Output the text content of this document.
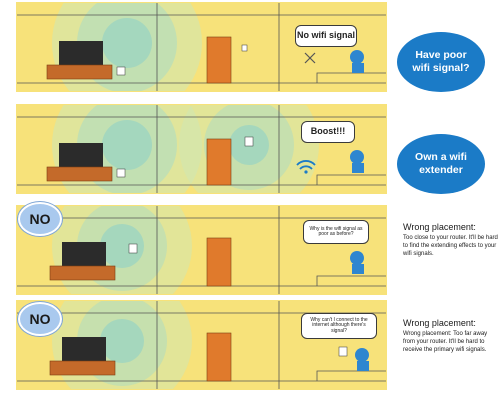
No wifi signal
Have poor
wifi signal?
Boost!!!
Own a wifi
extender
Why is the wifi signal as poor as before?
NO	Wrong placement:
Too close to your router. It'll be hard to find the extending effects to your wifi signals.
Why can't I connect to the internet although there's signal?
NO	Wrong placement:
Wrong placement: Too far away from your router. It'll be hard to receive the primary wifi signals.
